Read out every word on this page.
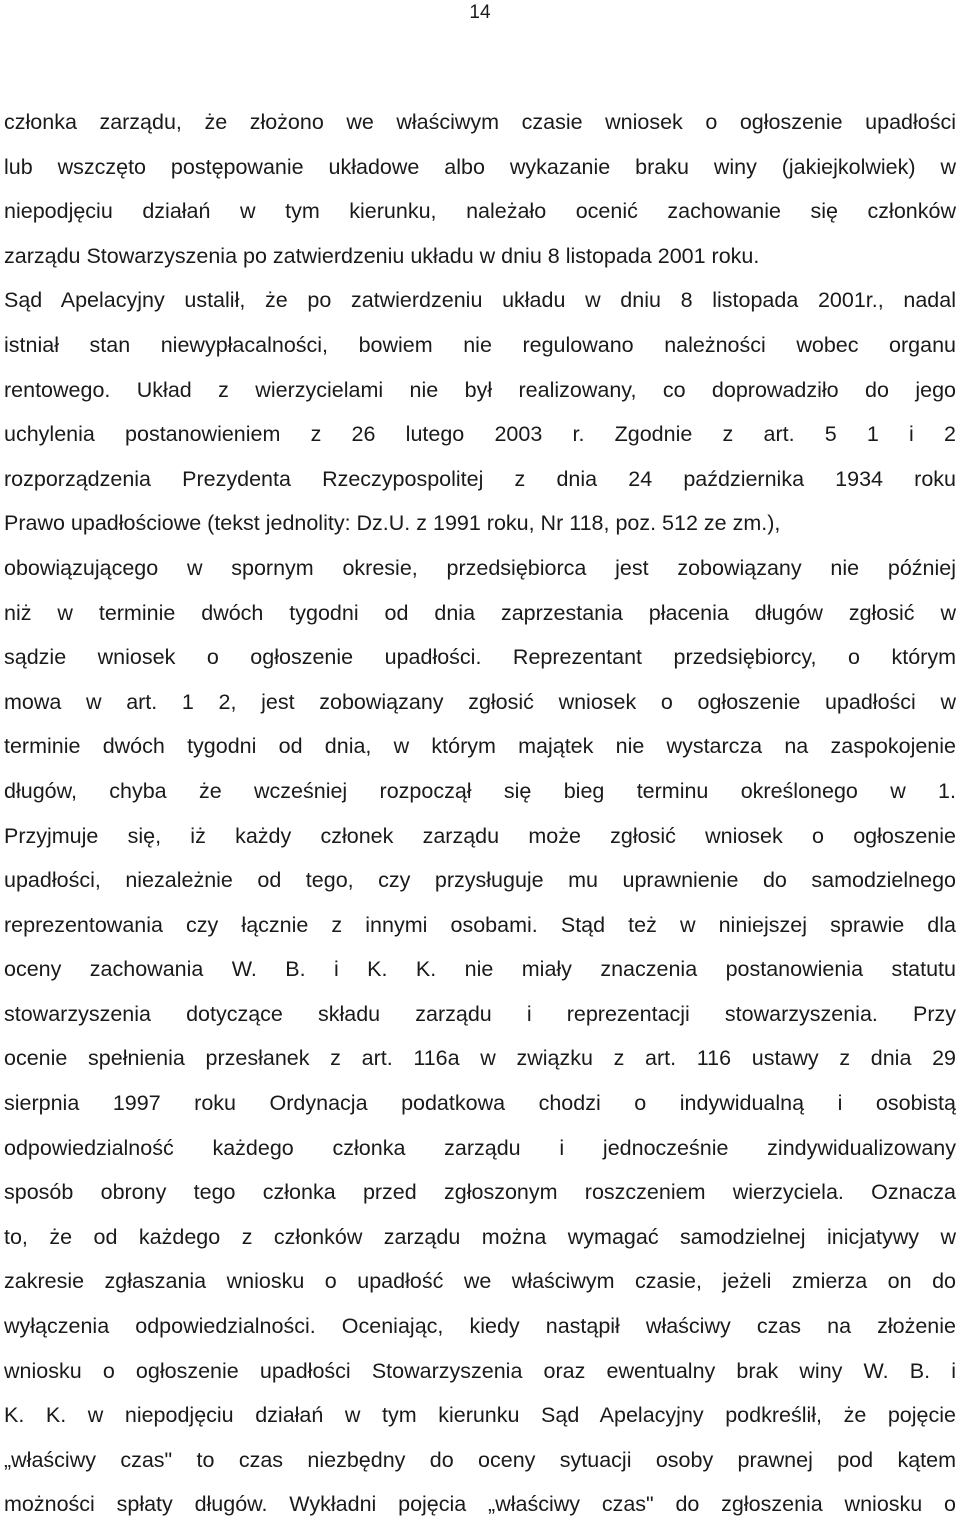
14
członka zarządu, że złożono we właściwym czasie wniosek o ogłoszenie upadłości
lub wszczęto postępowanie układowe albo wykazanie braku winy (jakiejkolwiek) w
niepodjęciu działań w tym kierunku, należało ocenić zachowanie się członków
zarządu Stowarzyszenia po zatwierdzeniu układu w dniu 8 listopada 2001 roku.
Sąd Apelacyjny ustalił, że po zatwierdzeniu układu w dniu 8 listopada 2001r., nadal
istniał stan niewypłacalności, bowiem nie regulowano należności wobec organu
rentowego. Układ z wierzycielami nie był realizowany, co doprowadziło do jego
uchylenia postanowieniem z 26 lutego 2003 r. Zgodnie z art. 5 1 i 2
rozporządzenia Prezydenta Rzeczypospolitej z dnia 24 października 1934 roku
Prawo upadłościowe (tekst jednolity: Dz.U. z 1991 roku, Nr 118, poz. 512 ze zm.),
obowiązującego w spornym okresie, przedsiębiorca jest zobowiązany nie później
niż w terminie dwóch tygodni od dnia zaprzestania płacenia długów zgłosić w
sądzie wniosek o ogłoszenie upadłości. Reprezentant przedsiębiorcy, o którym
mowa w art. 1 2, jest zobowiązany zgłosić wniosek o ogłoszenie upadłości w
terminie dwóch tygodni od dnia, w którym majątek nie wystarcza na zaspokojenie
długów, chyba że wcześniej rozpoczął się bieg terminu określonego w 1.
Przyjmuje się, iż każdy członek zarządu może zgłosić wniosek o ogłoszenie
upadłości, niezależnie od tego, czy przysługuje mu uprawnienie do samodzielnego
reprezentowania czy łącznie z innymi osobami. Stąd też w niniejszej sprawie dla
oceny zachowania W. B. i K. K. nie miały znaczenia postanowienia statutu
stowarzyszenia dotyczące składu zarządu i reprezentacji stowarzyszenia. Przy
ocenie spełnienia przesłanek z art. 116a w związku z art. 116 ustawy z dnia 29
sierpnia 1997 roku Ordynacja podatkowa chodzi o indywidualną i osobistą
odpowiedzialność każdego członka zarządu i jednocześnie zindywidualizowany
sposób obrony tego członka przed zgłoszonym roszczeniem wierzyciela. Oznacza
to, że od każdego z członków zarządu można wymagać samodzielnej inicjatywy w
zakresie zgłaszania wniosku o upadłość we właściwym czasie, jeżeli zmierza on do
wyłączenia odpowiedzialności. Oceniając, kiedy nastąpił właściwy czas na złożenie
wniosku o ogłoszenie upadłości Stowarzyszenia oraz ewentualny brak winy W. B. i
K. K. w niepodjęciu działań w tym kierunku Sąd Apelacyjny podkreślił, że pojęcie
„właściwy czas" to czas niezbędny do oceny sytuacji osoby prawnej pod kątem
możności spłaty długów. Wykładni pojęcia „właściwy czas" do zgłoszenia wniosku o
